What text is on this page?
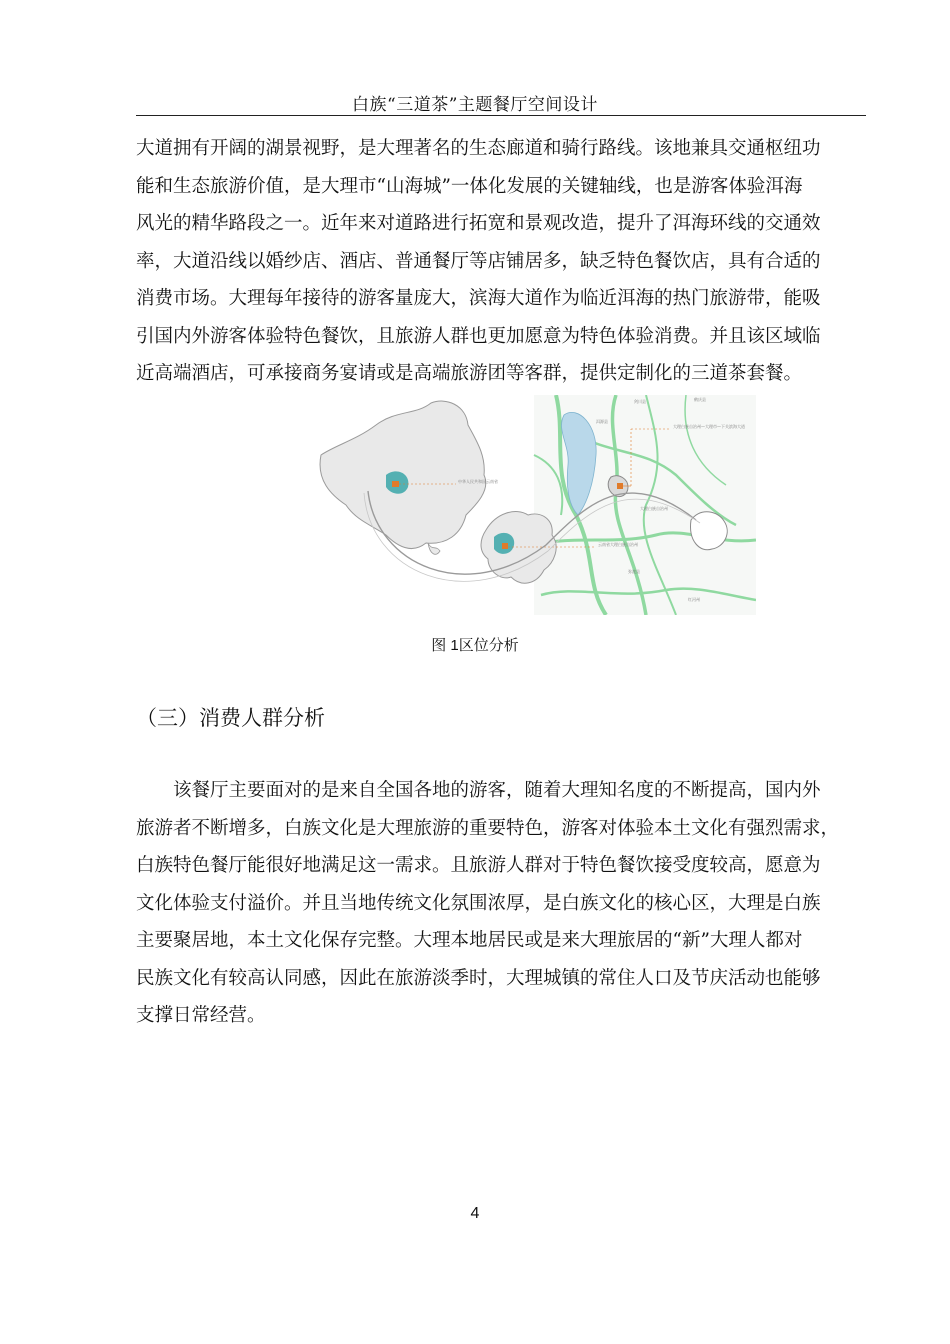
白族“三道茶”主题餐厅空间设计
大道拥有开阔的湖景视野，是大理著名的生态廊道和骑行路线。该地兼具交通枢纽功
能和生态旅游价值，是大理市“山海城”一体化发展的关键轴线，也是游客体验洱海
风光的精华路段之一。近年来对道路进行拓宽和景观改造，提升了洱海环线的交通效
率，大道沿线以婚纱店、酒店、普通餐厅等店铺居多，缺乏特色餐饮店，具有合适的
消费市场。大理每年接待的游客量庞大，滨海大道作为临近洱海的热门旅游带，能吸
引国内外游客体验特色餐饮，且旅游人群也更加愿意为特色体验消费。并且该区域临
近高端酒店，可承接商务宴请或是高端旅游团等客群，提供定制化的三道茶套餐。
剑川县	鹤庆县
洱源县
大理白族自治州
红河州
弥渡县
中华人民共和国云南省
云南省大理白族自治州
大理白族自治州—大理市—下关滨海大道
图 1区位分析
（三）消费人群分析
　　该餐厅主要面对的是来自全国各地的游客，随着大理知名度的不断提高，国内外
旅游者不断增多，白族文化是大理旅游的重要特色，游客对体验本土文化有强烈需求，
白族特色餐厅能很好地满足这一需求。且旅游人群对于特色餐饮接受度较高，愿意为
文化体验支付溢价。并且当地传统文化氛围浓厚，是白族文化的核心区，大理是白族
主要聚居地，本土文化保存完整。大理本地居民或是来大理旅居的“新”大理人都对
民族文化有较高认同感，因此在旅游淡季时，大理城镇的常住人口及节庆活动也能够
支撑日常经营。
4
